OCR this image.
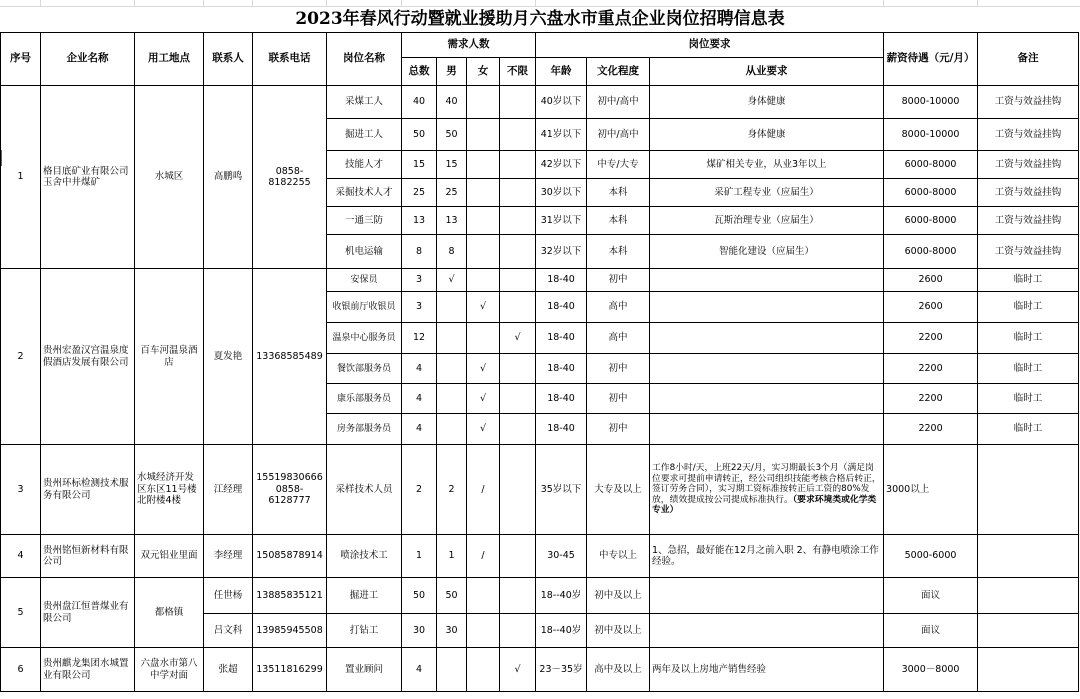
2023年春风行动暨就业援助月六盘水市重点企业岗位招聘信息表
序号	企业名称	用工地点	联系人	联系电话	岗位名称	需求人数				岗位要求			薪资待遇（元/月）	备注
						总数	男	女	不限	年龄	文化程度	从业要求		
1	格目底矿业有限公司玉舍中井煤矿	水城区	高鹏鸣	0858-8182255	采煤工人	40	40			40岁以下	初中/高中	身体健康	8000-10000	工资与效益挂钩
					掘进工人	50	50			41岁以下	初中/高中	身体健康	8000-10000	工资与效益挂钩
					技能人才	15	15			42岁以下	中专/大专	煤矿相关专业，从业3年以上	6000-8000	工资与效益挂钩
					采掘技术人才	25	25			30岁以下	本科	采矿工程专业（应届生）	6000-8000	工资与效益挂钩
					一通三防	13	13			31岁以下	本科	瓦斯治理专业（应届生）	6000-8000	工资与效益挂钩
					机电运输	8	8			32岁以下	本科	智能化建设（应届生）	6000-8000	工资与效益挂钩
2	贵州宏盈汉宫温泉度假酒店发展有限公司	百车河温泉酒店	夏发艳	13368585489	安保员	3	√			18-40	初中		2600	临时工
					收银前厅收银员	3		√		18-40	高中		2600	临时工
					温泉中心服务员	12			√	18-40	高中		2200	临时工
					餐饮部服务员	4		√		18-40	初中		2200	临时工
					康乐部服务员	4		√		18-40	初中		2200	临时工
					房务部服务员	4		√		18-40	初中		2200	临时工
3	贵州环标检测技术服务有限公司	水城经济开发区东区11号楼北附楼4楼	江经理	15519830666 0858-6128777	采样技术人员	2	2	/		35岁以下	大专及以上	工作8小时/天，上班22天/月，实习期最长3个月（满足岗位要求可提前申请转正，经公司组织技能考核合格后转正，签订劳务合同），实习期工资标准按转正后工资的80%发放，绩效提成按公司提成标准执行。（要求环境类或化学类专业）	3000以上	
4	贵州铭恒新材料有限公司	双元铝业里面	李经理	15085878914	喷涂技术工	1	1	/		30-45	中专以上	1、急招，最好能在12月之前入职 2、有静电喷涂工作经验。	5000-6000	
5	贵州盘江恒普煤业有限公司	都格镇	任世杨	13885835121	掘进工	50	50			18--40岁	初中及以上		面议	
			吕文科	13985945508	打钻工	30	30			18--40岁	初中及以上		面议	
6	贵州麒龙集团水城置业有限公司	六盘水市第八中学对面	张超	13511816299	置业顾问	4			√	23－35岁	高中及以上	两年及以上房地产销售经验	3000－8000	
